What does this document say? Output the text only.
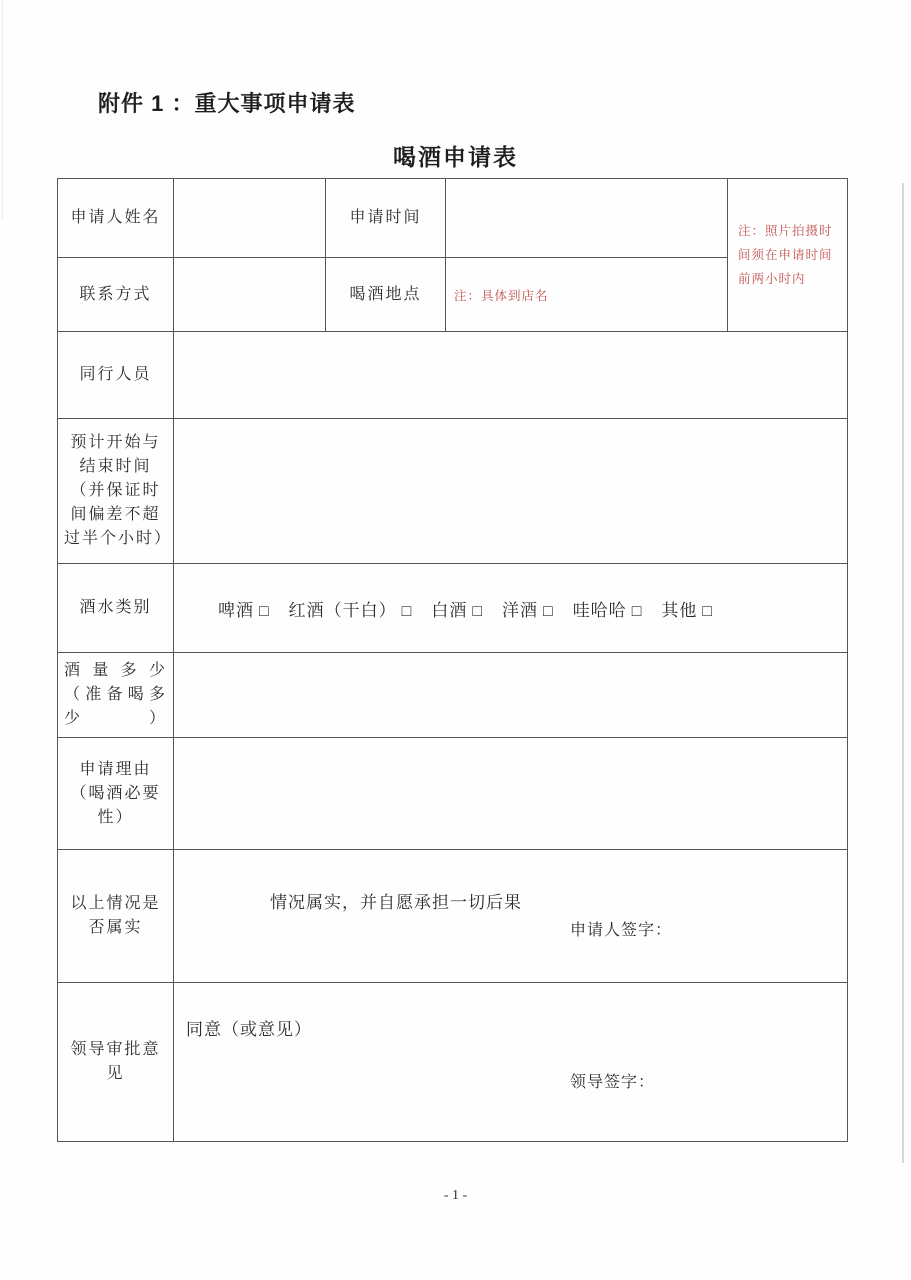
附件 1 ：重大事项申请表
喝酒申请表
申请人姓名		申请时间		注：照片拍摄时间须在申请时间前两小时内
联系方式		喝酒地点	注：具体到店名	
同行人员				
预计开始与结束时间（并保证时间偏差不超过半个小时）				
酒水类别	啤酒 □ 红酒（干白） □ 白酒 □ 洋酒 □ 哇哈哈 □ 其他 □			
酒量多少（准备喝多少）				
申请理由（喝酒必要性）				
以上情况是否属实	情况属实，并自愿承担一切后果
申请人签字：			

领导审批意见	同意（或意见）
领导签字：			
- 1 -
